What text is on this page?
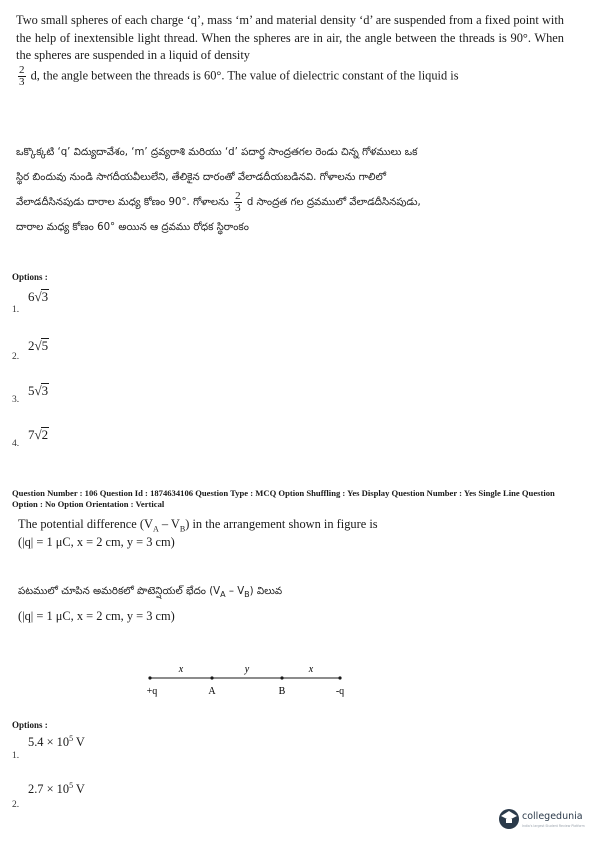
Two small spheres of each charge ‘q’, mass ‘m’ and material density ‘d’ are suspended from a fixed point with the help of inextensible light thread. When the spheres are in air, the angle between the threads is 90°. When the spheres are suspended in a liquid of density

$\frac{2}{3} d$, the angle between the threads is 60°. The value of dielectric constant of the liquid is
ఒక్కొక్కటి ‘q’ విద్యుదావేశం, ‘m’ ద్రవ్యరాశి మరియు ‘d’ పదార్థ సాంద్రతగల రెండు చిన్న గోళములు ఒక
స్థిర బిందువు నుండి సాగదీయవీలులేని, తేలికైన దారంతో వేలాడదీయబడినవి. గోళాలను గాలిలో
వేలాడదీసినపుడు దారాల మధ్య కోణం 90°. గోళాలను $\frac{2}{3}$ d సాంద్రత గల ద్రవములో వేలాడదీసినపుడు,
దారాల మధ్య కోణం 60° అయిన ఆ ద్రవము రోధక స్థిరాంకం
Options :
1.
6√3
2.
2√5
3.
5√3
4.
7√2
Question Number : 106 Question Id : 1874634106 Question Type : MCQ Option Shuffling : Yes Display Question Number : Yes Single Line Question Option : No Option Orientation : Vertical
The potential difference $(V_A - V_B)$ in the arrangement shown in figure is
(|q| = 1 μC, x = 2 cm, y = 3 cm)
పటములో చూపిన అమరికలో పొటెన్షియల్ భేదం $(V_A - V_B)$ విలువ
(|q| = 1 μC, x = 2 cm, y = 3 cm)
x	y	x
+q	A	B	-q
Options :
1.
$5.4 \times 10^5$ V
2.
$2.7 \times 10^5$ V
collegedunia
India's largest Student Review Platform
